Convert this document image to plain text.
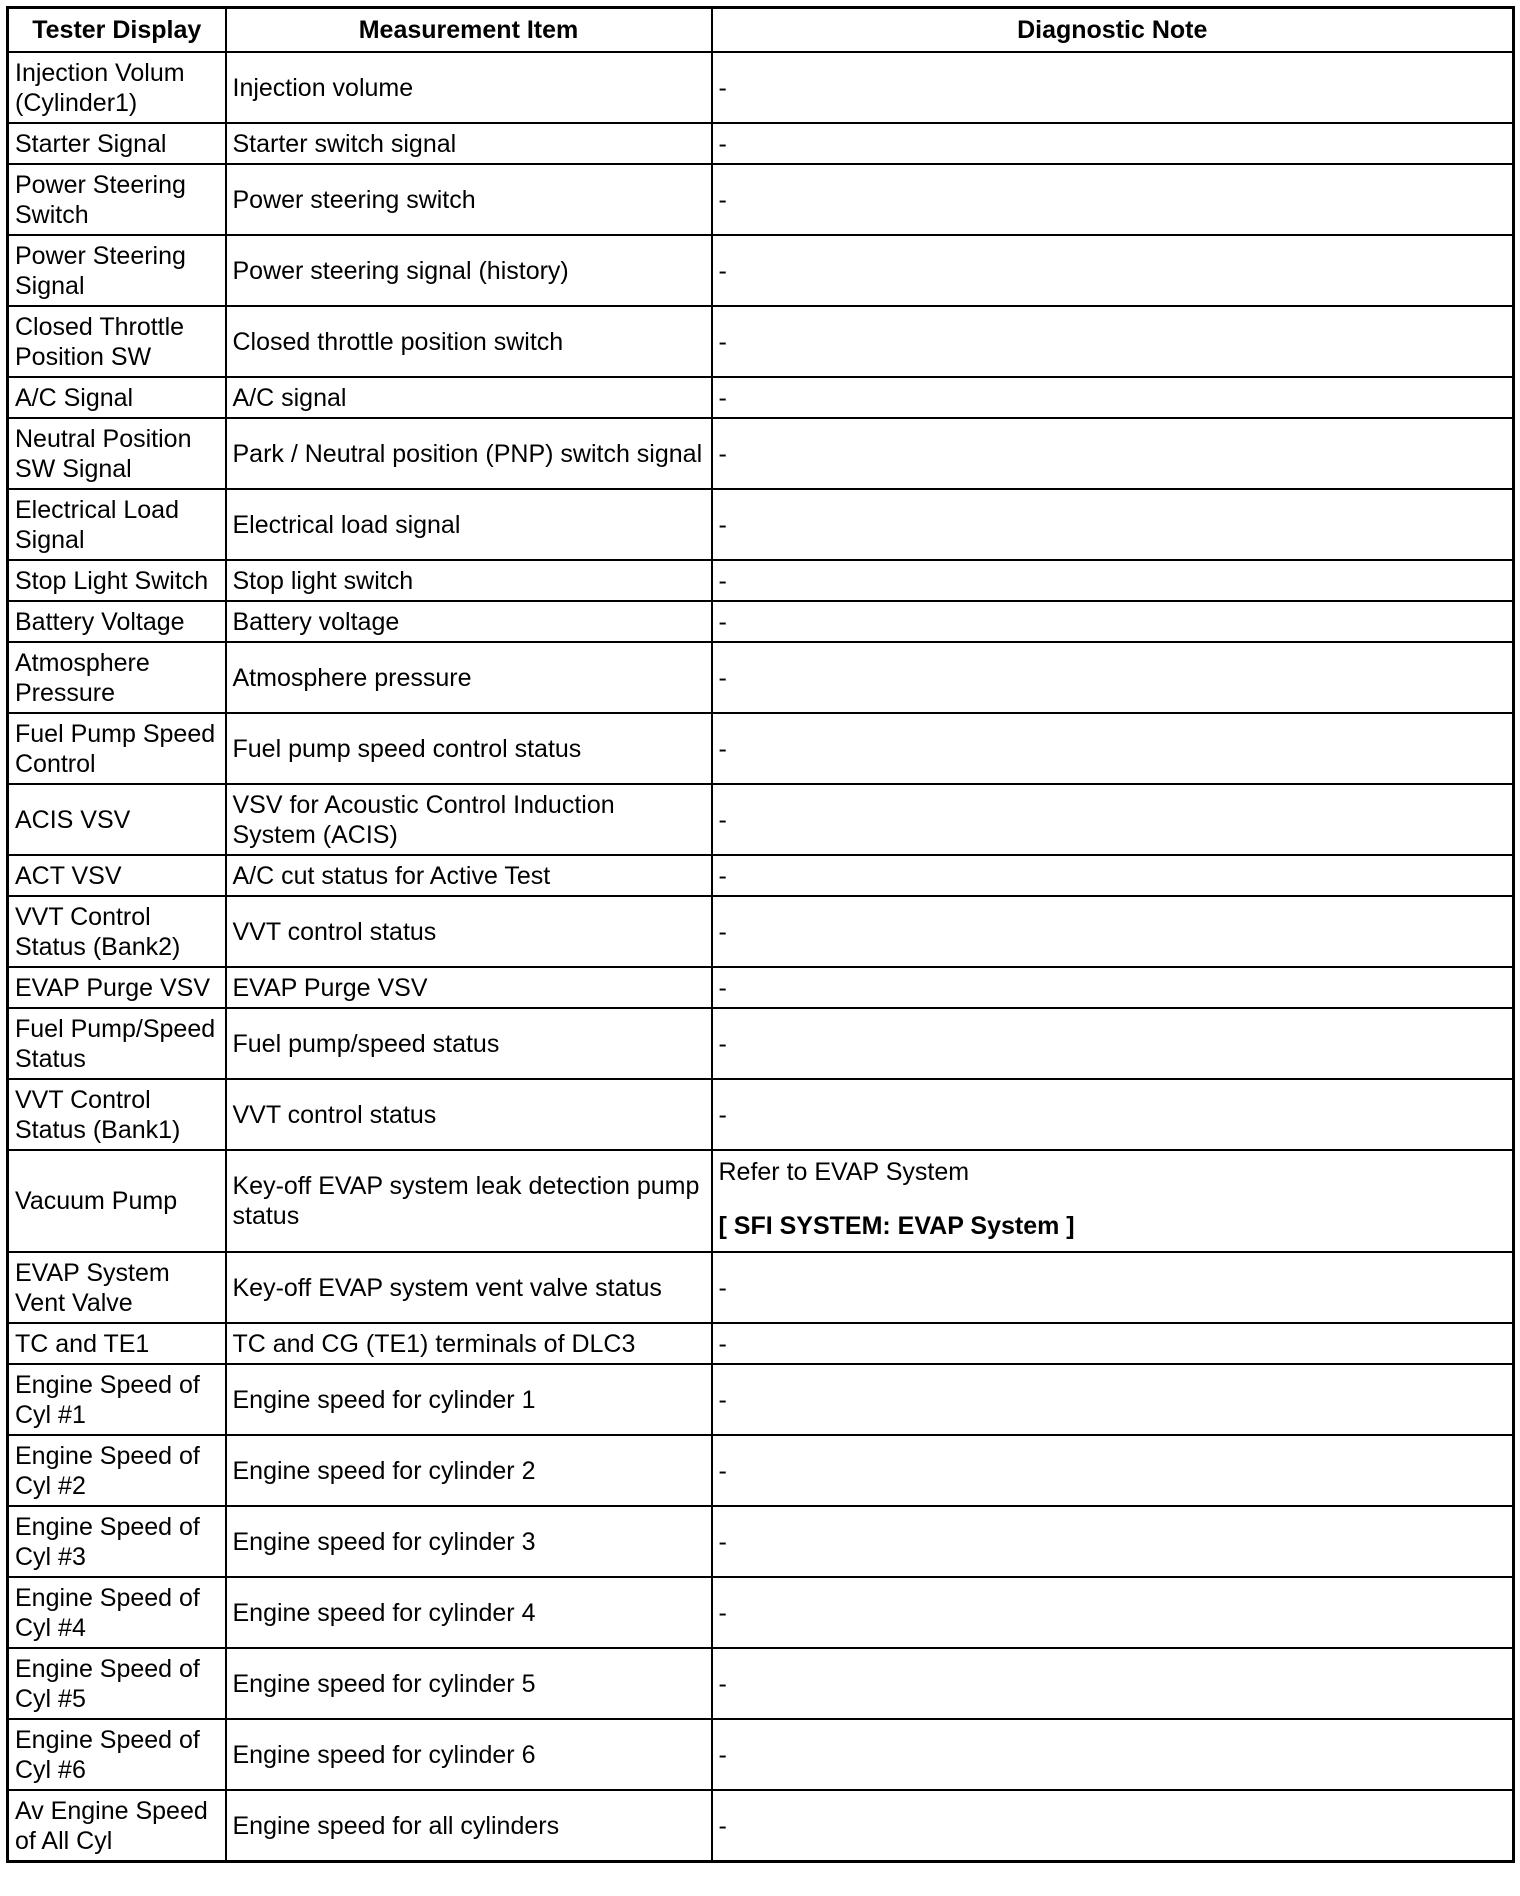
Tester Display	Measurement Item	Diagnostic Note
Injection Volum (Cylinder1)	Injection volume	-
Starter Signal	Starter switch signal	-
Power Steering Switch	Power steering switch	-
Power Steering Signal	Power steering signal (history)	-
Closed Throttle Position SW	Closed throttle position switch	-
A/C Signal	A/C signal	-
Neutral Position SW Signal	Park / Neutral position (PNP) switch signal	-
Electrical Load Signal	Electrical load signal	-
Stop Light Switch	Stop light switch	-
Battery Voltage	Battery voltage	-
Atmosphere Pressure	Atmosphere pressure	-
Fuel Pump Speed Control	Fuel pump speed control status	-
ACIS VSV	VSV for Acoustic Control Induction System (ACIS)	-
ACT VSV	A/C cut status for Active Test	-
VVT Control Status (Bank2)	VVT control status	-
EVAP Purge VSV	EVAP Purge VSV	-
Fuel Pump/Speed Status	Fuel pump/speed status	-
VVT Control Status (Bank1)	VVT control status	-
Vacuum Pump	Key-off EVAP system leak detection pump status	Refer to EVAP System
[ SFI SYSTEM: EVAP System ]

EVAP System Vent Valve	Key-off EVAP system vent valve status	-
TC and TE1	TC and CG (TE1) terminals of DLC3	-
Engine Speed of Cyl #1	Engine speed for cylinder 1	-
Engine Speed of Cyl #2	Engine speed for cylinder 2	-
Engine Speed of Cyl #3	Engine speed for cylinder 3	-
Engine Speed of Cyl #4	Engine speed for cylinder 4	-
Engine Speed of Cyl #5	Engine speed for cylinder 5	-
Engine Speed of Cyl #6	Engine speed for cylinder 6	-
Av Engine Speed of All Cyl	Engine speed for all cylinders	-
